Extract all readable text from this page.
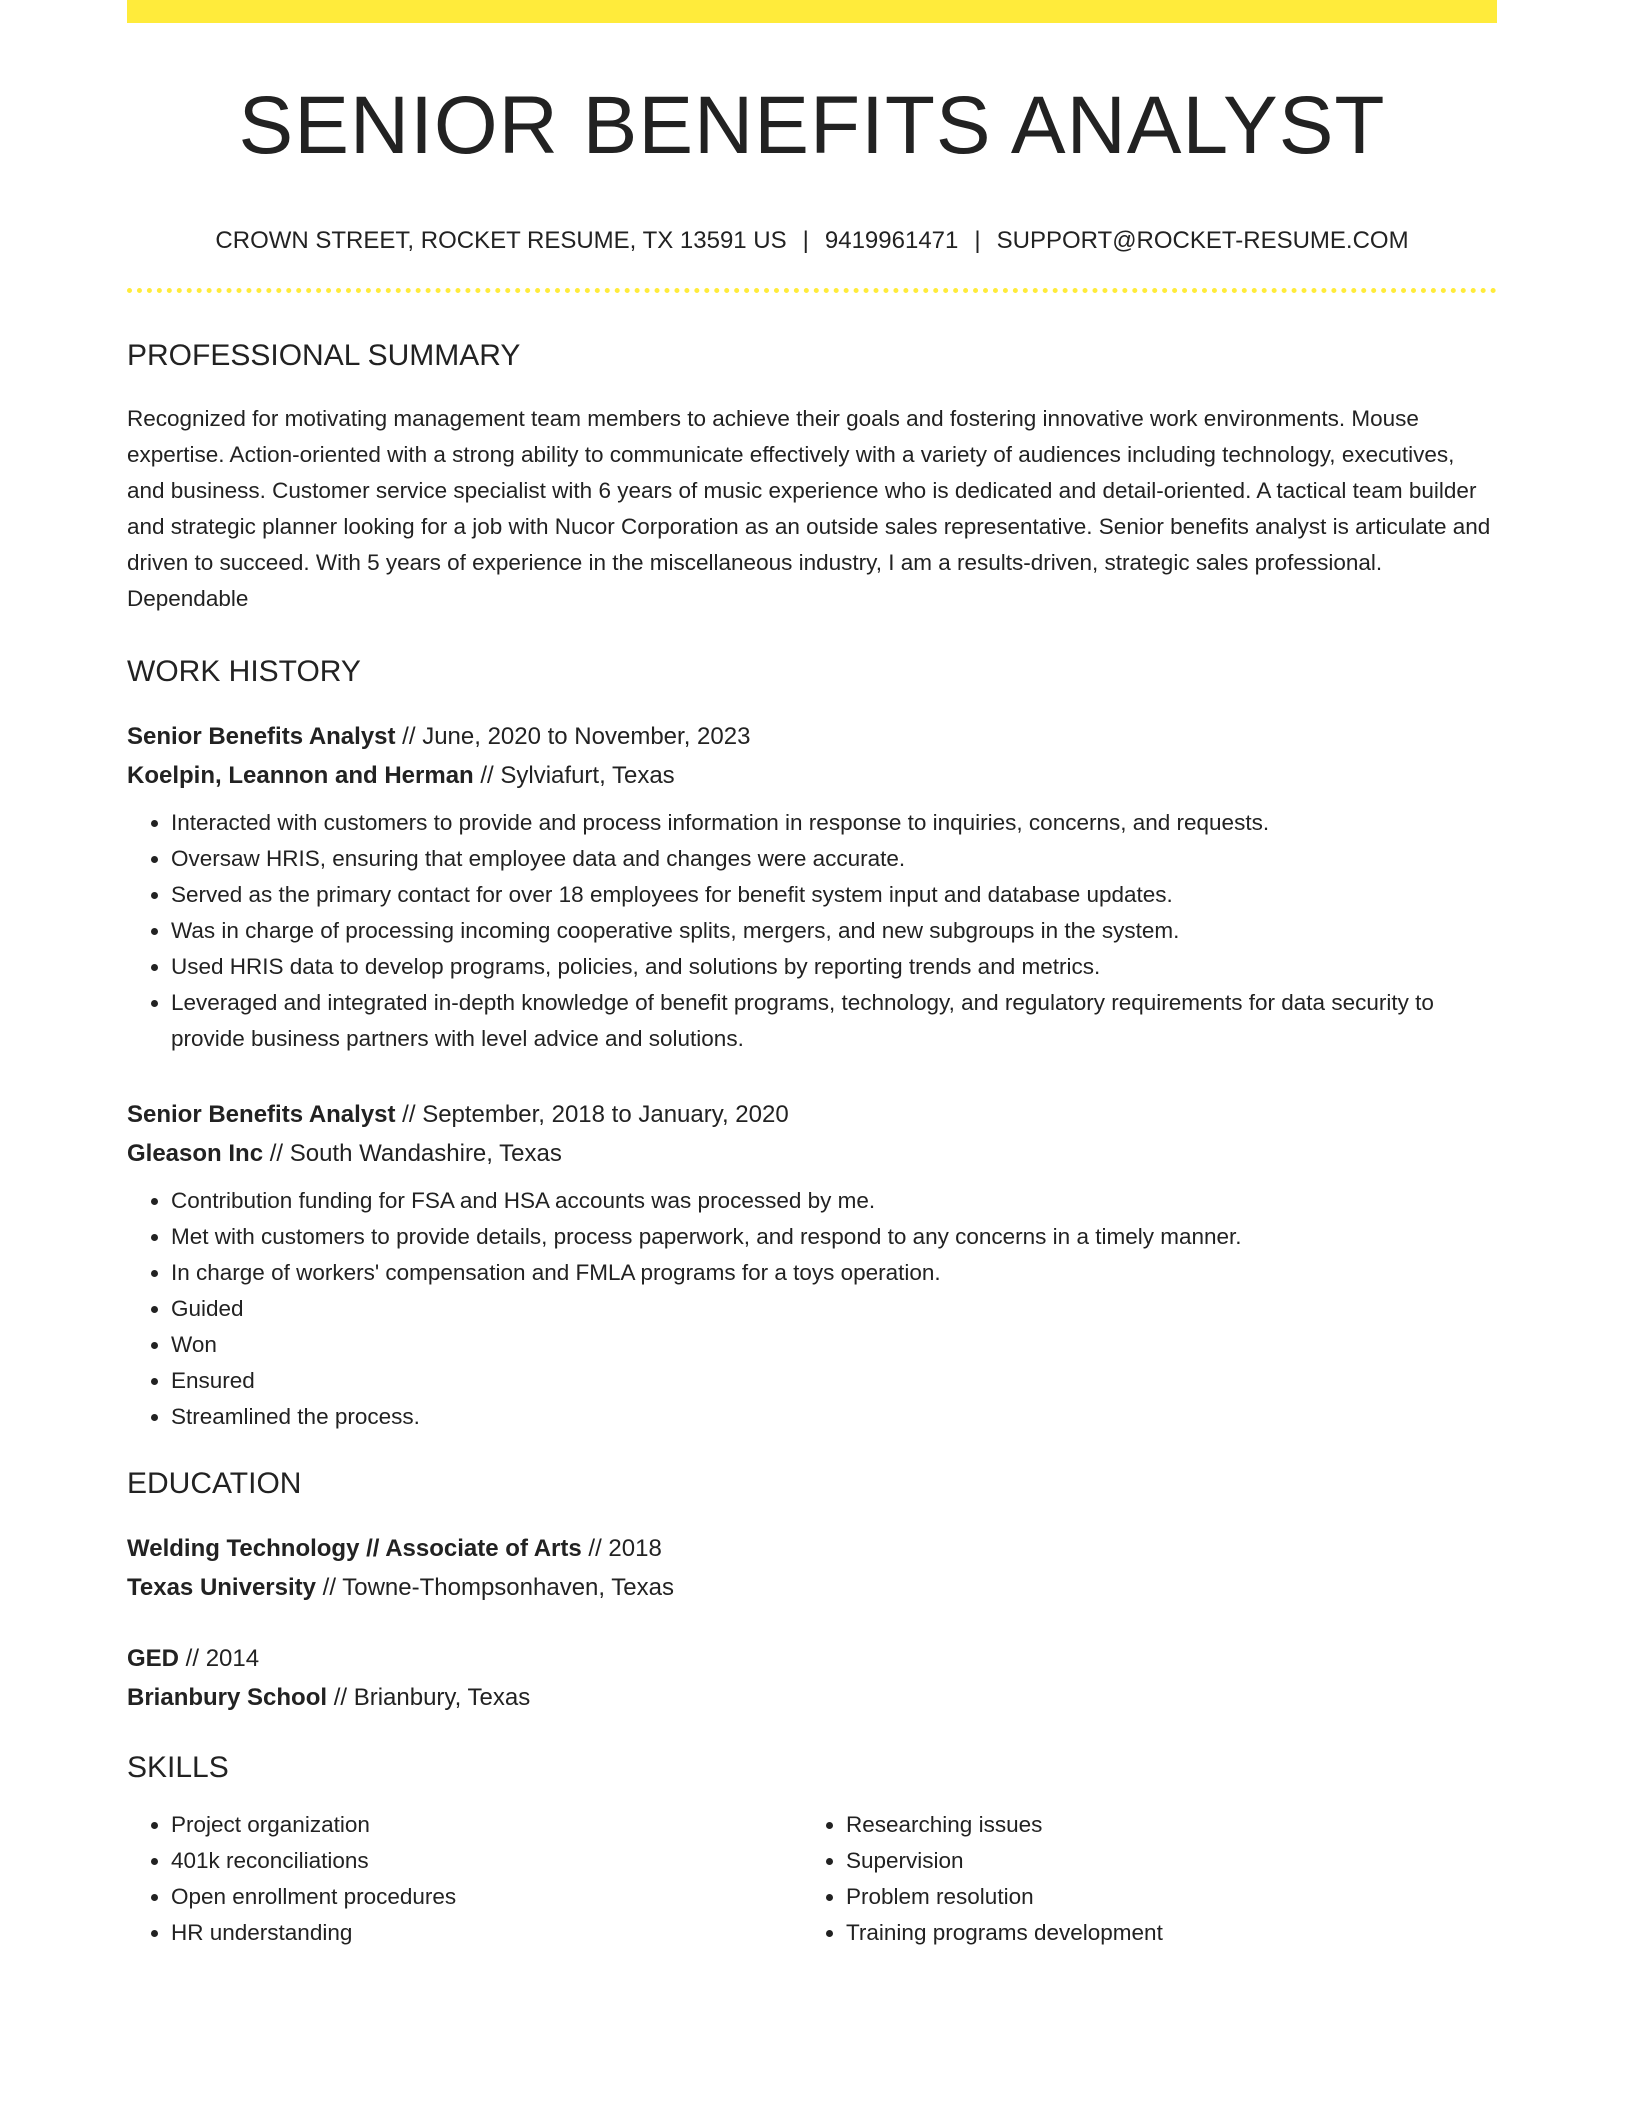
SENIOR BENEFITS ANALYST
CROWN STREET, ROCKET RESUME, TX 13591 US | 9419961471 | SUPPORT@ROCKET-RESUME.COM
PROFESSIONAL SUMMARY
Recognized for motivating management team members to achieve their goals and fostering innovative work environments. Mouse expertise. Action-oriented with a strong ability to communicate effectively with a variety of audiences including technology, executives, and business. Customer service specialist with 6 years of music experience who is dedicated and detail-oriented. A tactical team builder and strategic planner looking for a job with Nucor Corporation as an outside sales representative. Senior benefits analyst is articulate and driven to succeed. With 5 years of experience in the miscellaneous industry, I am a results-driven, strategic sales professional. Dependable
WORK HISTORY
Senior Benefits Analyst // June, 2020 to November, 2023
Koelpin, Leannon and Herman // Sylviafurt, Texas
• Interacted with customers to provide and process information in response to inquiries, concerns, and requests.
• Oversaw HRIS, ensuring that employee data and changes were accurate.
• Served as the primary contact for over 18 employees for benefit system input and database updates.
• Was in charge of processing incoming cooperative splits, mergers, and new subgroups in the system.
• Used HRIS data to develop programs, policies, and solutions by reporting trends and metrics.
• Leveraged and integrated in-depth knowledge of benefit programs, technology, and regulatory requirements for data security to provide business partners with level advice and solutions.
Senior Benefits Analyst // September, 2018 to January, 2020
Gleason Inc // South Wandashire, Texas
• Contribution funding for FSA and HSA accounts was processed by me.
• Met with customers to provide details, process paperwork, and respond to any concerns in a timely manner.
• In charge of workers' compensation and FMLA programs for a toys operation.
• Guided
• Won
• Ensured
• Streamlined the process.
EDUCATION
Welding Technology // Associate of Arts // 2018
Texas University // Towne-Thompsonhaven, Texas
GED // 2014
Brianbury School // Brianbury, Texas
SKILLS
• Project organization
• 401k reconciliations
• Open enrollment procedures
• HR understanding
• Researching issues
• Supervision
• Problem resolution
• Training programs development
